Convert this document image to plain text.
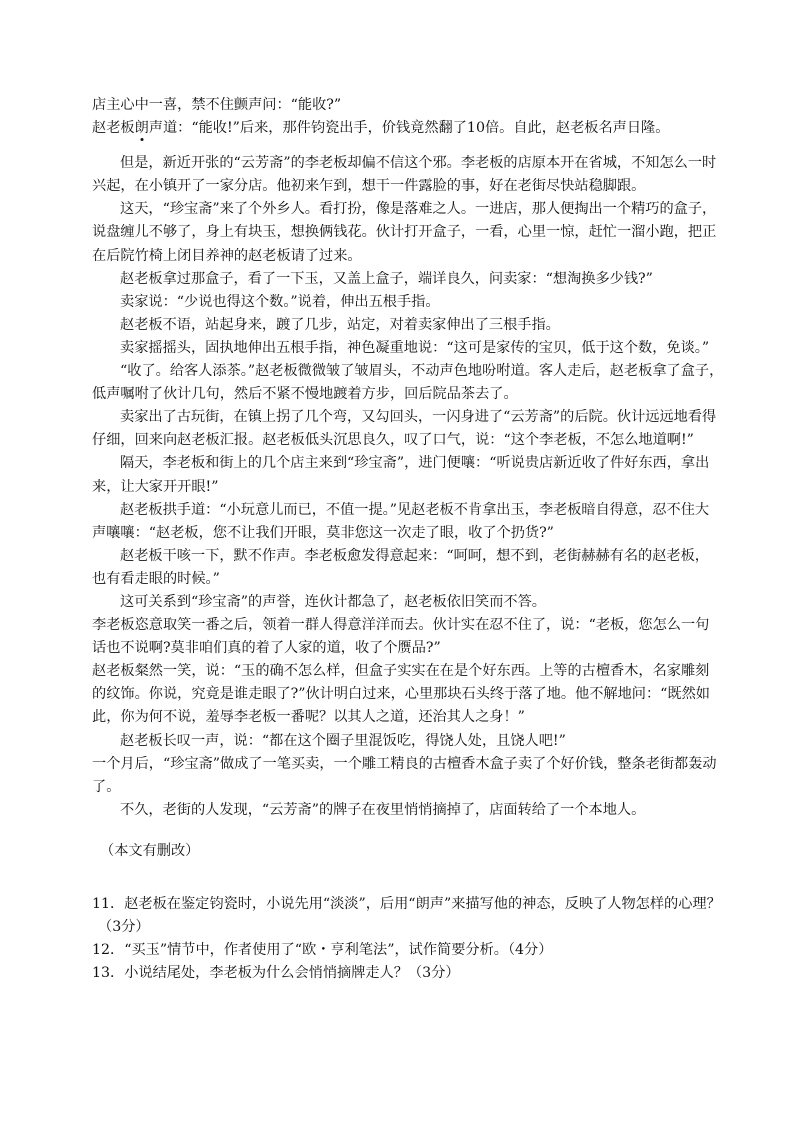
店主心中一喜，禁不住颤声问：“能收?”
赵老板朗声道：“能收!”后来，那件钧瓷出手，价钱竟然翻了10倍。自此，赵老板名声日隆。
但是，新近开张的“云芳斋”的李老板却偏不信这个邪。李老板的店原本开在省城，不知怎么一时
兴起，在小镇开了一家分店。他初来乍到，想干一件露脸的事，好在老街尽快站稳脚跟。
这天，“珍宝斋”来了个外乡人。看打扮，像是落难之人。一进店，那人便掏出一个精巧的盒子，
说盘缠儿不够了，身上有块玉，想换俩钱花。伙计打开盒子，一看，心里一惊，赶忙一溜小跑，把正
在后院竹椅上闭目养神的赵老板请了过来。
赵老板拿过那盒子，看了一下玉，又盖上盒子，端详良久，问卖家：“想淘换多少钱?”
卖家说：“少说也得这个数。”说着，伸出五根手指。
赵老板不语，站起身来，踱了几步，站定，对着卖家伸出了三根手指。
卖家摇摇头，固执地伸出五根手指，神色凝重地说：“这可是家传的宝贝，低于这个数，免谈。”
“收了。给客人添茶。”赵老板微微皱了皱眉头，不动声色地吩咐道。客人走后，赵老板拿了盒子，
低声嘱咐了伙计几句，然后不紧不慢地踱着方步，回后院品茶去了。
卖家出了古玩街，在镇上拐了几个弯，又勾回头，一闪身进了“云芳斋”的后院。伙计远远地看得
仔细，回来向赵老板汇报。赵老板低头沉思良久，叹了口气，说：“这个李老板，不怎么地道啊!”
隔天，李老板和街上的几个店主来到“珍宝斋”，进门便嚷：“听说贵店新近收了件好东西，拿出
来，让大家开开眼!”
赵老板拱手道：“小玩意儿而已，不值一提。”见赵老板不肯拿出玉，李老板暗自得意，忍不住大
声嚷嚷：“赵老板，您不让我们开眼，莫非您这一次走了眼，收了个扔货?”
赵老板干咳一下，默不作声。李老板愈发得意起来：“呵呵，想不到，老街赫赫有名的赵老板，
也有看走眼的时候。”
这可关系到“珍宝斋”的声誉，连伙计都急了，赵老板依旧笑而不答。
李老板恣意取笑一番之后，领着一群人得意洋洋而去。伙计实在忍不住了，说：“老板，您怎么一句
话也不说啊?莫非咱们真的着了人家的道，收了个赝品?”
赵老板粲然一笑，说：“玉的确不怎么样，但盒子实实在在是个好东西。上等的古檀香木，名家雕刻
的纹饰。你说，究竟是谁走眼了?”伙计明白过来，心里那块石头终于落了地。他不解地问：“既然如
此，你为何不说，羞辱李老板一番呢？以其人之道，还治其人之身！”
赵老板长叹一声，说：“都在这个圈子里混饭吃，得饶人处，且饶人吧!”
一个月后，“珍宝斋”做成了一笔买卖，一个雕工精良的古檀香木盒子卖了个好价钱，整条老街都轰动
了。
不久，老街的人发现，“云芳斋”的牌子在夜里悄悄摘掉了，店面转给了一个本地人。
（本文有删改）
11．赵老板在鉴定钧瓷时，小说先用“淡淡”，后用“朗声”来描写他的神态，反映了人物怎样的心理？
（3分）
12．“买玉”情节中，作者使用了“欧・亨利笔法”，试作简要分析。（4分）
13．小说结尾处，李老板为什么会悄悄摘牌走人？（3分）
